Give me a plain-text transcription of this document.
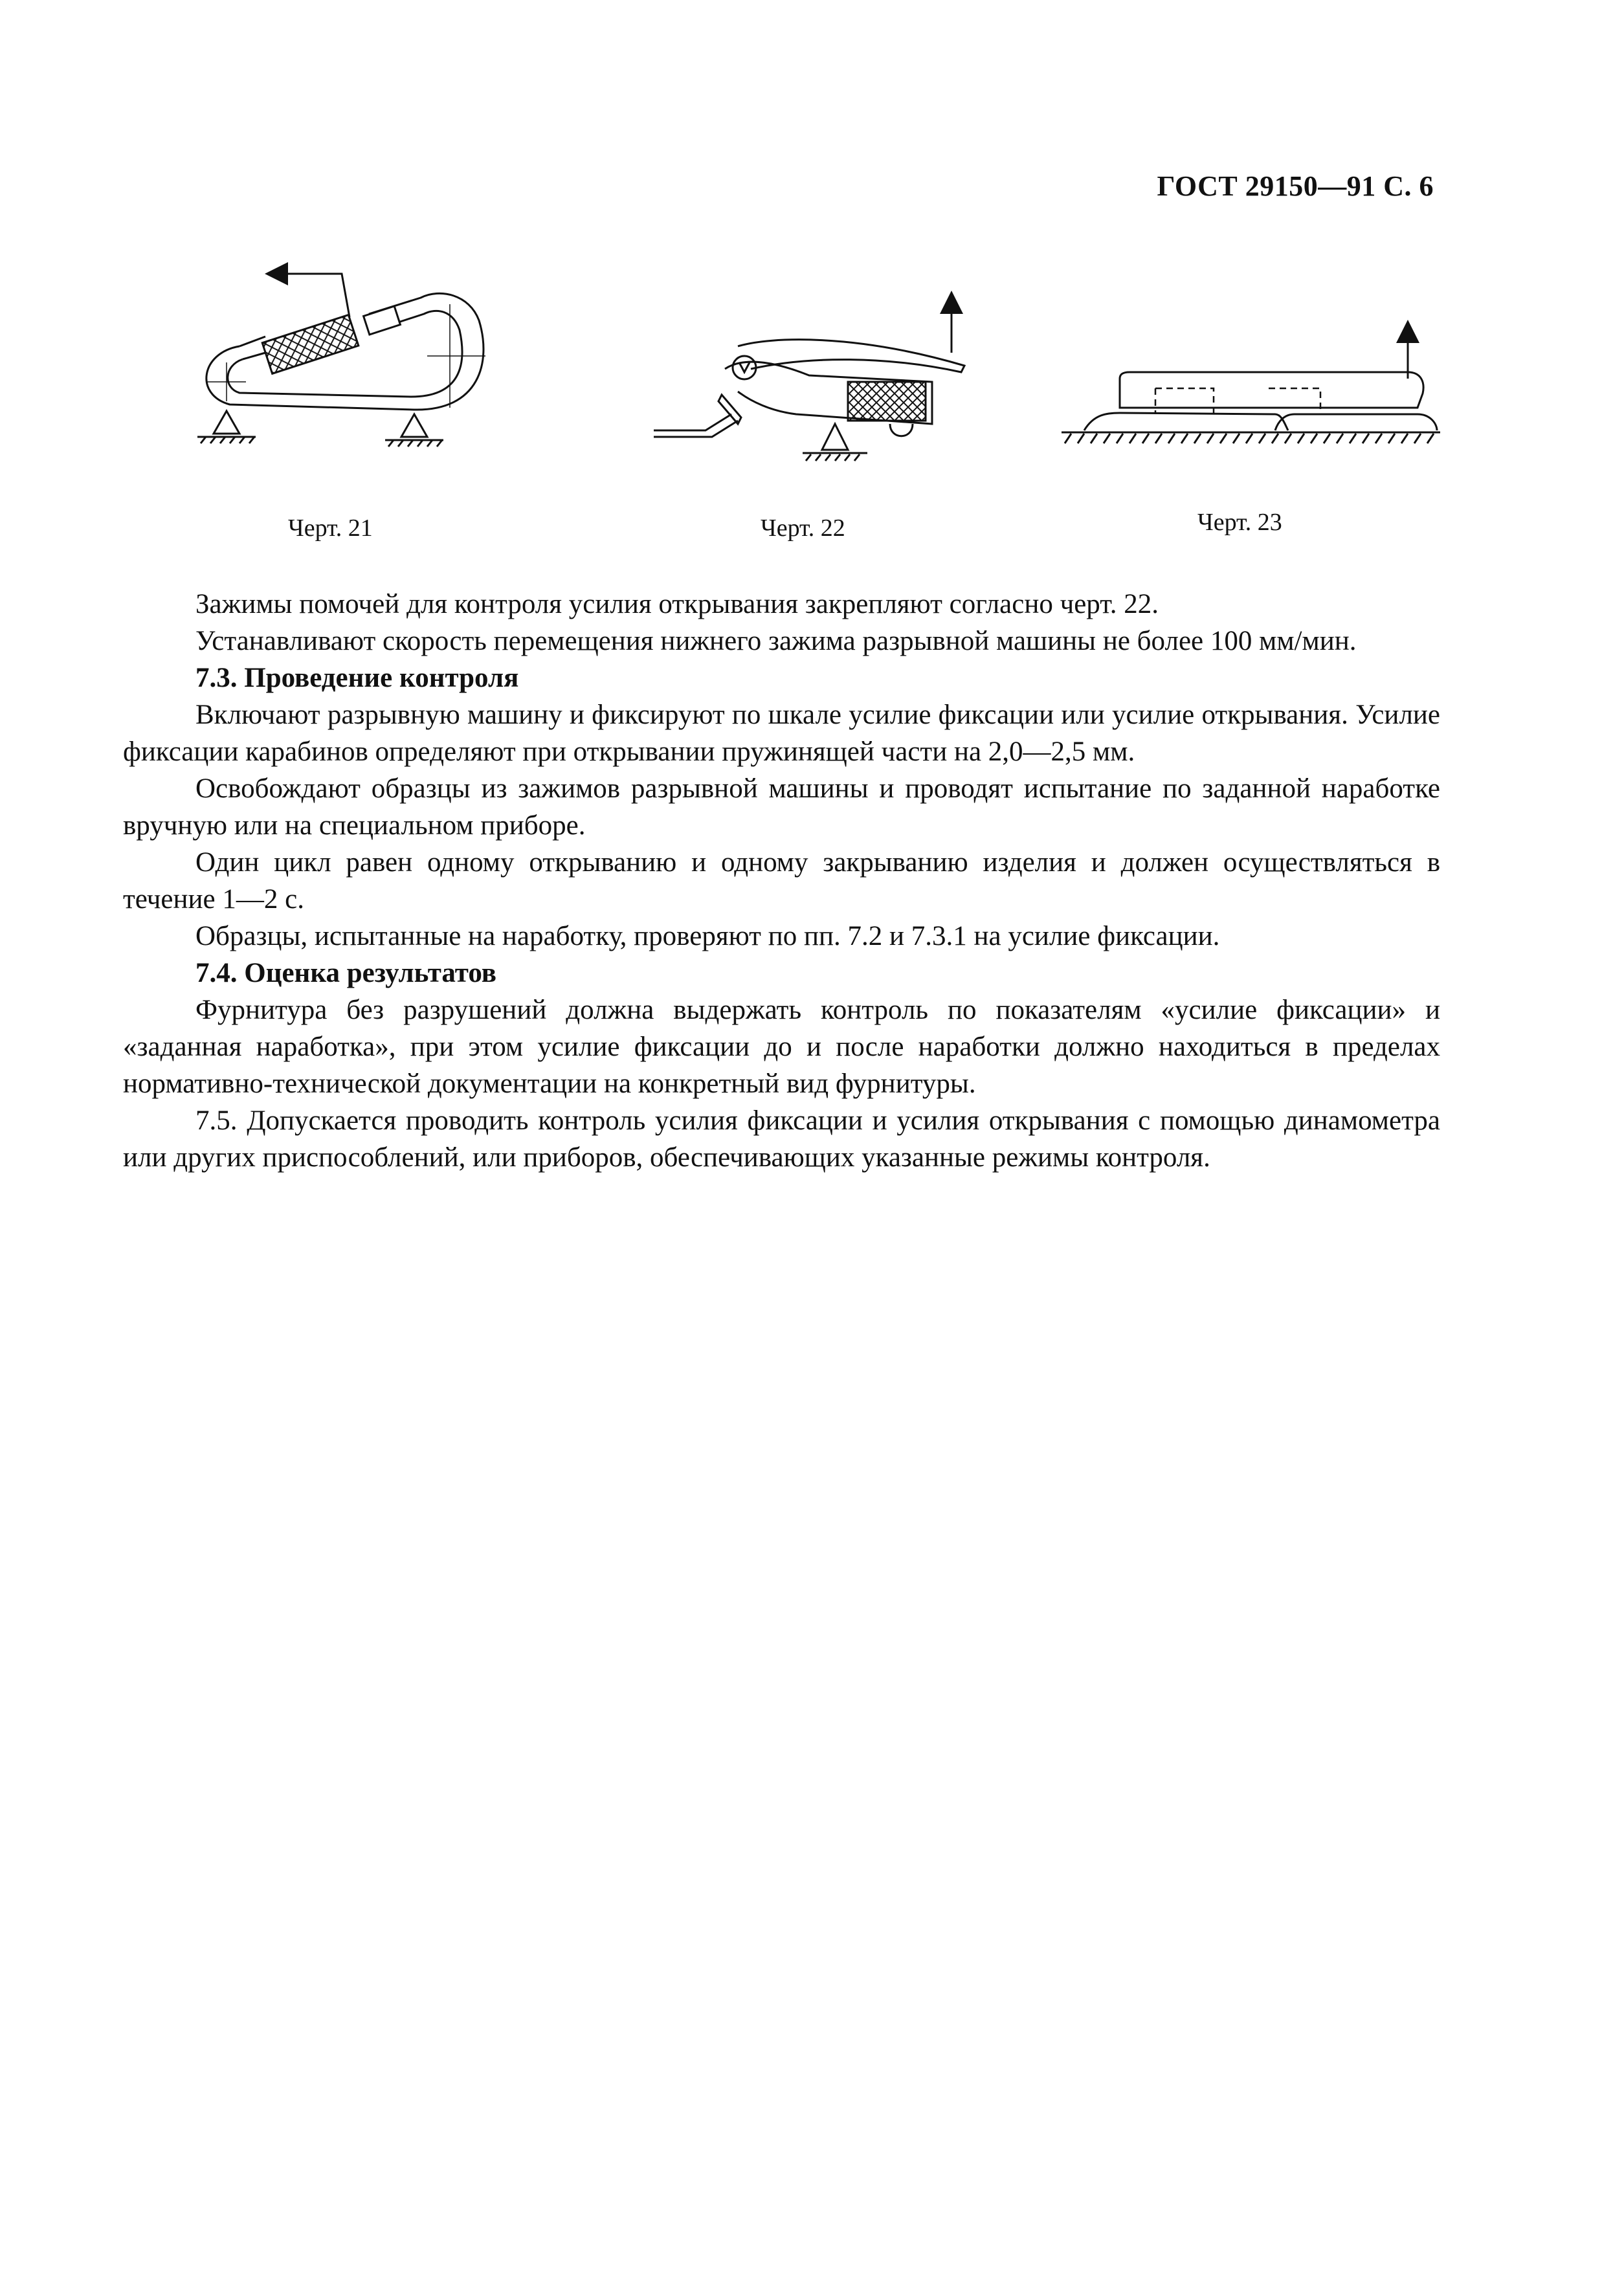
ГОСТ 29150—91 С. 6
Черт. 21	Черт. 22	Черт. 23

Зажимы помочей для контроля усилия открывания закрепляют согласно черт. 22.

Устанавливают скорость перемещения нижнего зажима разрывной машины не более 100 мм/мин.

7.3. Проведение контроля

Включают разрывную машину и фиксируют по шкале усилие фиксации или усилие открывания. Усилие фиксации карабинов определяют при открывании пружинящей части на 2,0—2,5 мм.

Освобождают образцы из зажимов разрывной машины и проводят испытание по заданной наработке вручную или на специальном приборе.

Один цикл равен одному открыванию и одному закрыванию изделия и должен осуществляться в течение 1—2 с.

Образцы, испытанные на наработку, проверяют по пп. 7.2 и 7.3.1 на усилие фиксации.

7.4. Оценка результатов

Фурнитура без разрушений должна выдержать контроль по показателям «усилие фиксации» и «заданная наработка», при этом усилие фиксации до и после наработки должно находиться в пределах нормативно-технической документации на конкретный вид фурнитуры.

7.5. Допускается проводить контроль усилия фиксации и усилия открывания с помощью динамометра или других приспособлений, или приборов, обеспечивающих указанные режимы контроля.
